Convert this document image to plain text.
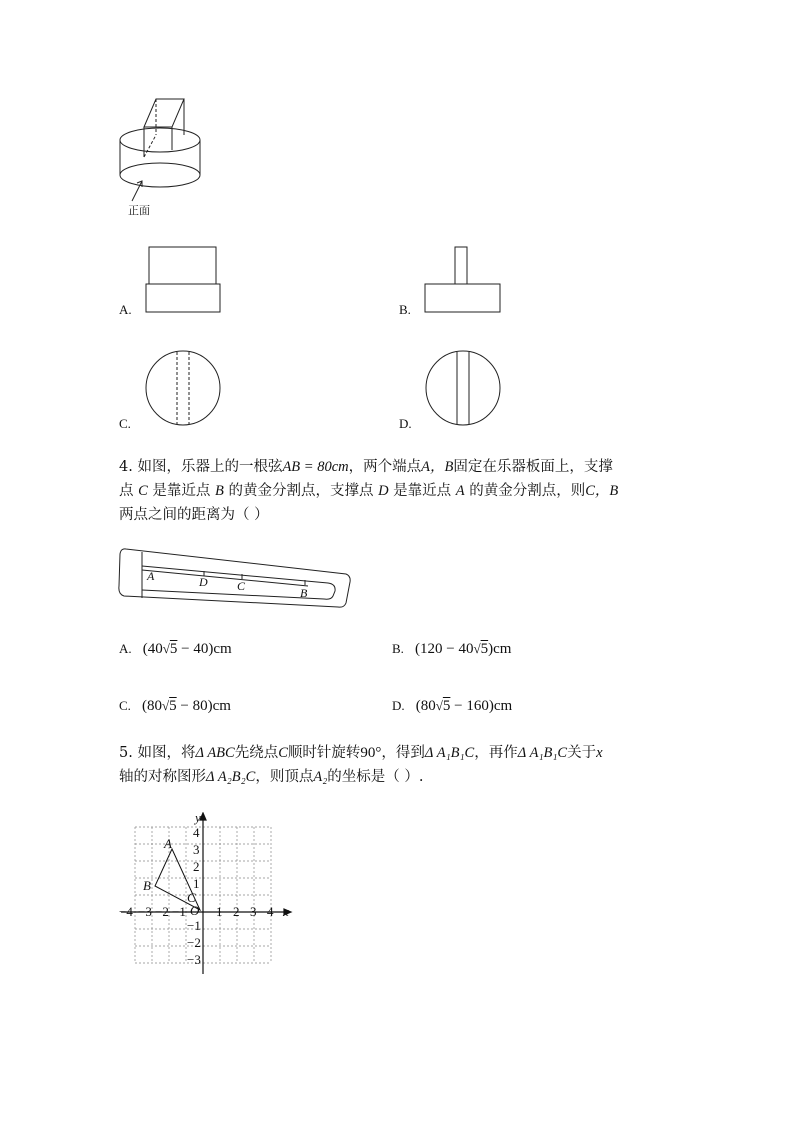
正面
A.	B.
C.	D.
4. 如图，乐器上的一根弦AB = 80cm，两个端点A，B固定在乐器板面上，支撑
点 C 是靠近点 B 的黄金分割点，支撑点 D 是靠近点 A 的黄金分割点，则C，B
两点之间的距离为（ ）
A	D C	B
A. (40√5 − 40)cm	B. (120 − 40√5)cm
C. (80√5 − 80)cm	D. (80√5 − 160)cm
5. 如图，将Δ ABC先绕点C顺时针旋转90°，得到Δ A₁B₁C，再作Δ A₁B₁C关于x
轴的对称图形Δ A₂B₂C，则顶点A₂的坐标是（ ）.
−4 −3 −2 −1 1 2 3 4
4
3
2
1
−1
−2
−3
O	x
y
A
B
C
